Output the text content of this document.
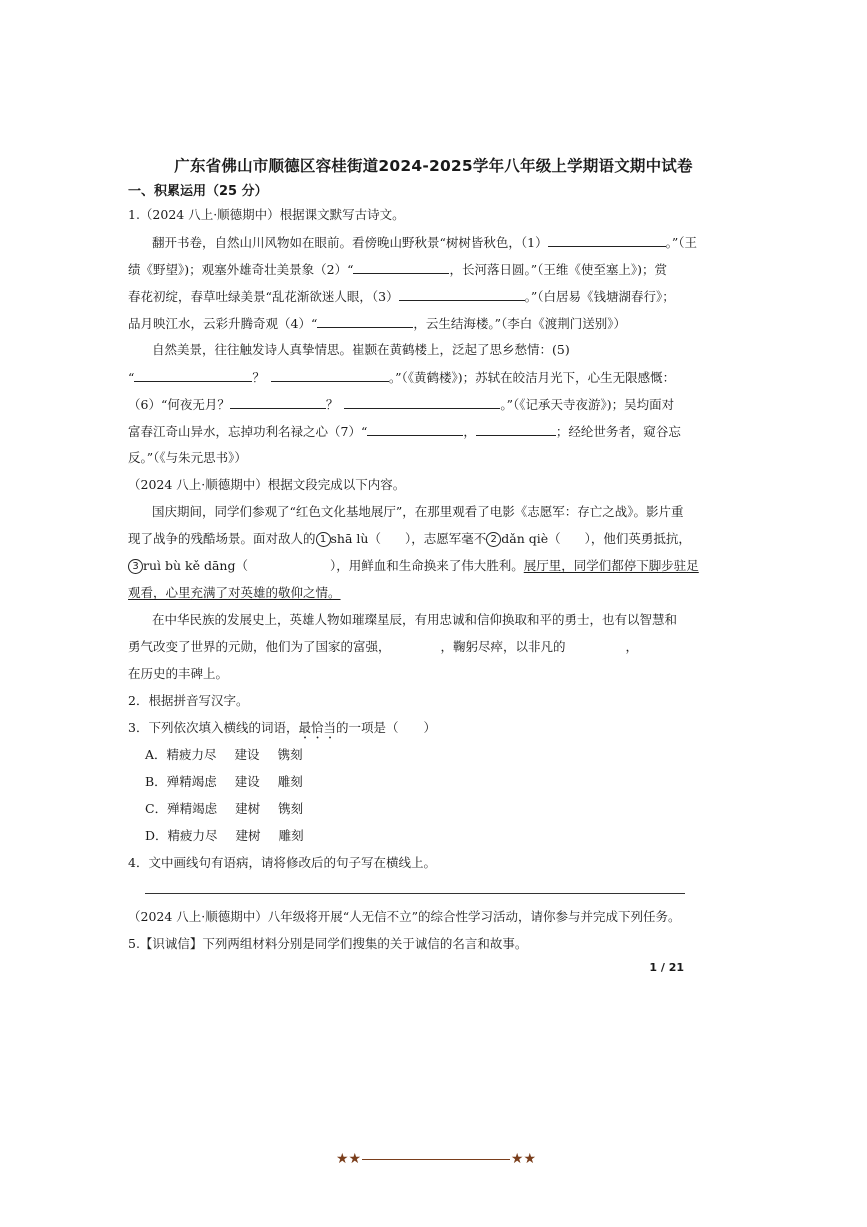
广东省佛山市顺德区容桂街道2024-2025学年八年级上学期语文期中试卷
一、积累运用（25 分）
1.（2024 八上·顺德期中）根据课文默写古诗文。
翻开书卷，自然山川风物如在眼前。看傍晚山野秋景“树树皆秋色，（1）	。”（王
绩《野望》)；观塞外雄奇壮美景象（2）“	，长河落日圆。”（王维《使至塞上》)；赏
春花初绽，春草吐绿美景“乱花渐欲迷人眼，（3）	。”（白居易《钱塘湖春行》；
品月映江水，云彩升腾奇观（4）“	，云生结海楼。”（李白《渡荆门送别》）
自然美景，往往触发诗人真挚情思。崔颢在黄鹤楼上，泛起了思乡愁情：(5)
“	？	。”（《黄鹤楼》)；苏轼在皎洁月光下，心生无限感慨：
（6）“何夜无月？	？	。”（《记承天寺夜游》)；吴均面对
富春江奇山异水，忘掉功利名禄之心（7）“	，	；经纶世务者，窥谷忘
反。”（《与朱元思书》）
（2024 八上·顺德期中）根据文段完成以下内容。
国庆期间，同学们参观了“红色文化基地展厅”，在那里观看了电影《志愿军：存亡之战》。影片重
现了战争的残酷场景。面对敌人的 1 shā lù（ ），志愿军毫不 2 dǎn qiè（ ），他们英勇抵抗，
3 ruì bù kě dāng（	），用鲜血和生命换来了伟大胜利。展厅里，同学们都停下脚步驻足
观看，心里充满了对英雄的敬仰之情。
在中华民族的发展史上，英雄人物如璀璨星辰，有用忠诚和信仰换取和平的勇士，也有以智慧和
勇气改变了世界的元勋，他们为了国家的富强，	，鞠躬尽瘁，以非凡的	，
在历史的丰碑上。
2．根据拼音写汉字。
3．下列依次填入横线的词语，最恰当的一项是（　　）
A．精疲力尽 建设 镌刻
B．殚精竭虑 建设 雕刻
C．殚精竭虑 建树 镌刻
D．精疲力尽 建树 雕刻
4．文中画线句有语病，请将修改后的句子写在横线上。
（2024 八上·顺德期中）八年级将开展“人无信不立”的综合性学习活动，请你参与并完成下列任务。
5.【识诚信】下列两组材料分别是同学们搜集的关于诚信的名言和故事。
1 / 21
★★	★★
